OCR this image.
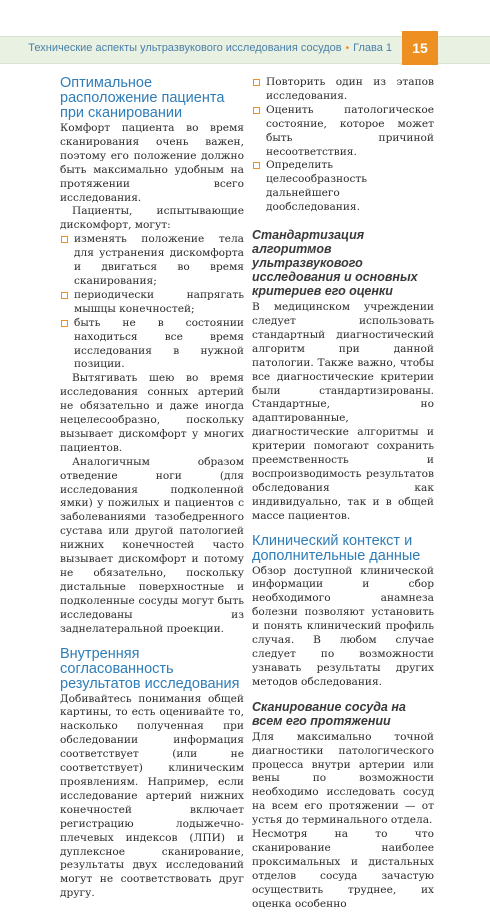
Технические аспекты ультразвукового исследования сосудов • Глава 1	15
Оптимальное расположение пациента при сканировании

Комфорт пациента во время сканирования очень важен, поэтому его положение должно быть максимально удобным на протяжении всего исследования.

Пациенты, испытывающие дискомфорт, могут:

изменять положение тела для устранения дискомфорта и двигаться во время сканирования;
периодически напрягать мышцы конечностей;
быть не в состоянии находиться все время исследования в нужной позиции.

Вытягивать шею во время исследования сонных артерий не обязательно и даже иногда нецелесообразно, поскольку вызывает дискомфорт у многих пациентов.

Аналогичным образом отведение ноги (для исследования подколенной ямки) у пожилых и пациентов с заболеваниями тазобедренного сустава или другой патологией нижних конечностей часто вызывает дискомфорт и потому не обязательно, поскольку дистальные поверхностные и подколенные сосуды могут быть исследованы из заднелатеральной проекции.

Внутренняя согласованность результатов исследования

Добивайтесь понимания общей картины, то есть оценивайте то, насколько полученная при обследовании информация соответствует (или не соответствует) клиническим проявлениям. Например, если исследование артерий нижних конечностей включает регистрацию лодыжечно-плечевых индексов (ЛПИ) и дуплексное сканирование, результаты двух исследований могут не соответствовать друг другу.

Повторить один из этапов исследования.
Оценить патологическое состояние, которое может быть причиной несоответствия.
Определить целесообразность дальнейшего дообследования.
Стандартизация алгоритмов ультразвукового исследования и основных критериев его оценки

В медицинском учреждении следует использовать стандартный диагностический алгоритм при данной патологии. Также важно, чтобы все диагностические критерии были стандартизированы. Стандартные, но адаптированные, диагностические алгоритмы и критерии помогают сохранить преемственность и воспроизводимость результатов обследования как индивидуально, так и в общей массе пациентов.

Клинический контекст и дополнительные данные

Обзор доступной клинической информации и сбор необходимого анамнеза болезни позволяют установить и понять клинический профиль случая. В любом случае следует по возможности узнавать результаты других методов обследования.

Сканирование сосуда на всем его протяжении

Для максимально точной диагностики патологического процесса внутри артерии или вены по возможности необходимо исследовать сосуд на всем его протяжении — от устья до терминального отдела.

Несмотря на то что сканирование наиболее проксимальных и дистальных отделов сосуда зачастую осуществить труднее, их оценка особенно
